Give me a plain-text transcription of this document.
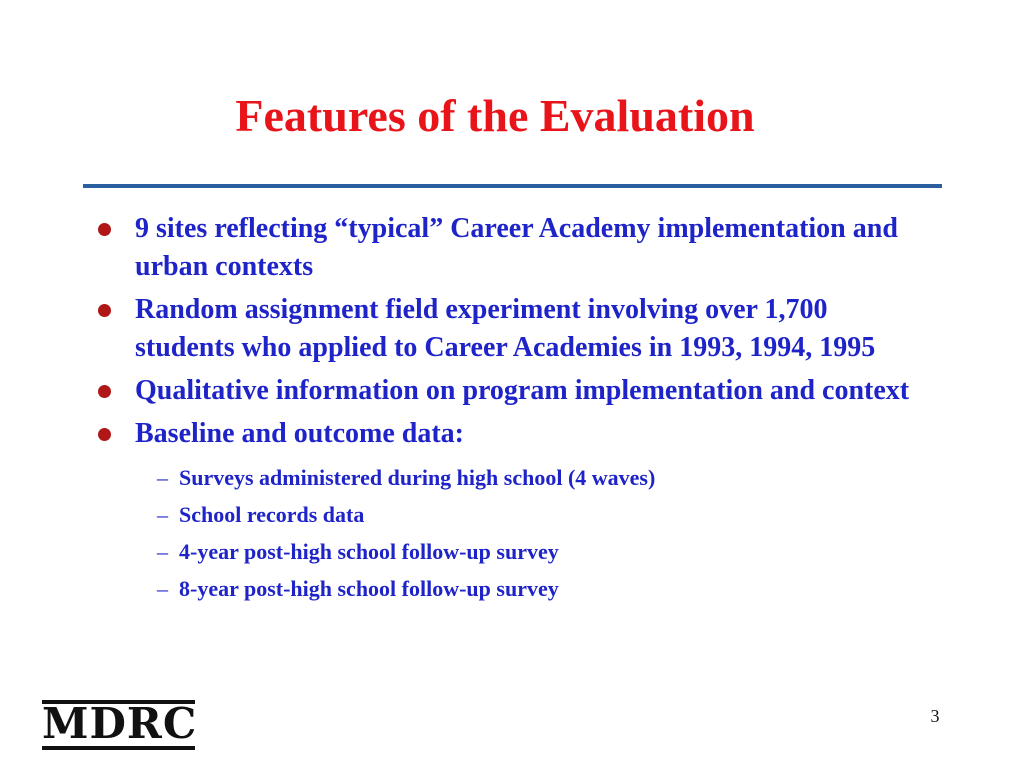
Features of the Evaluation
9 sites reflecting “typical” Career Academy implementation and urban contexts
Random assignment field experiment involving over 1,700 students who applied to Career Academies in 1993, 1994, 1995
Qualitative information on program implementation and context
Baseline and outcome data:
– Surveys administered during high school (4 waves)
– School records data
– 4-year post-high school follow-up survey
– 8-year post-high school follow-up survey
MDRC	3
